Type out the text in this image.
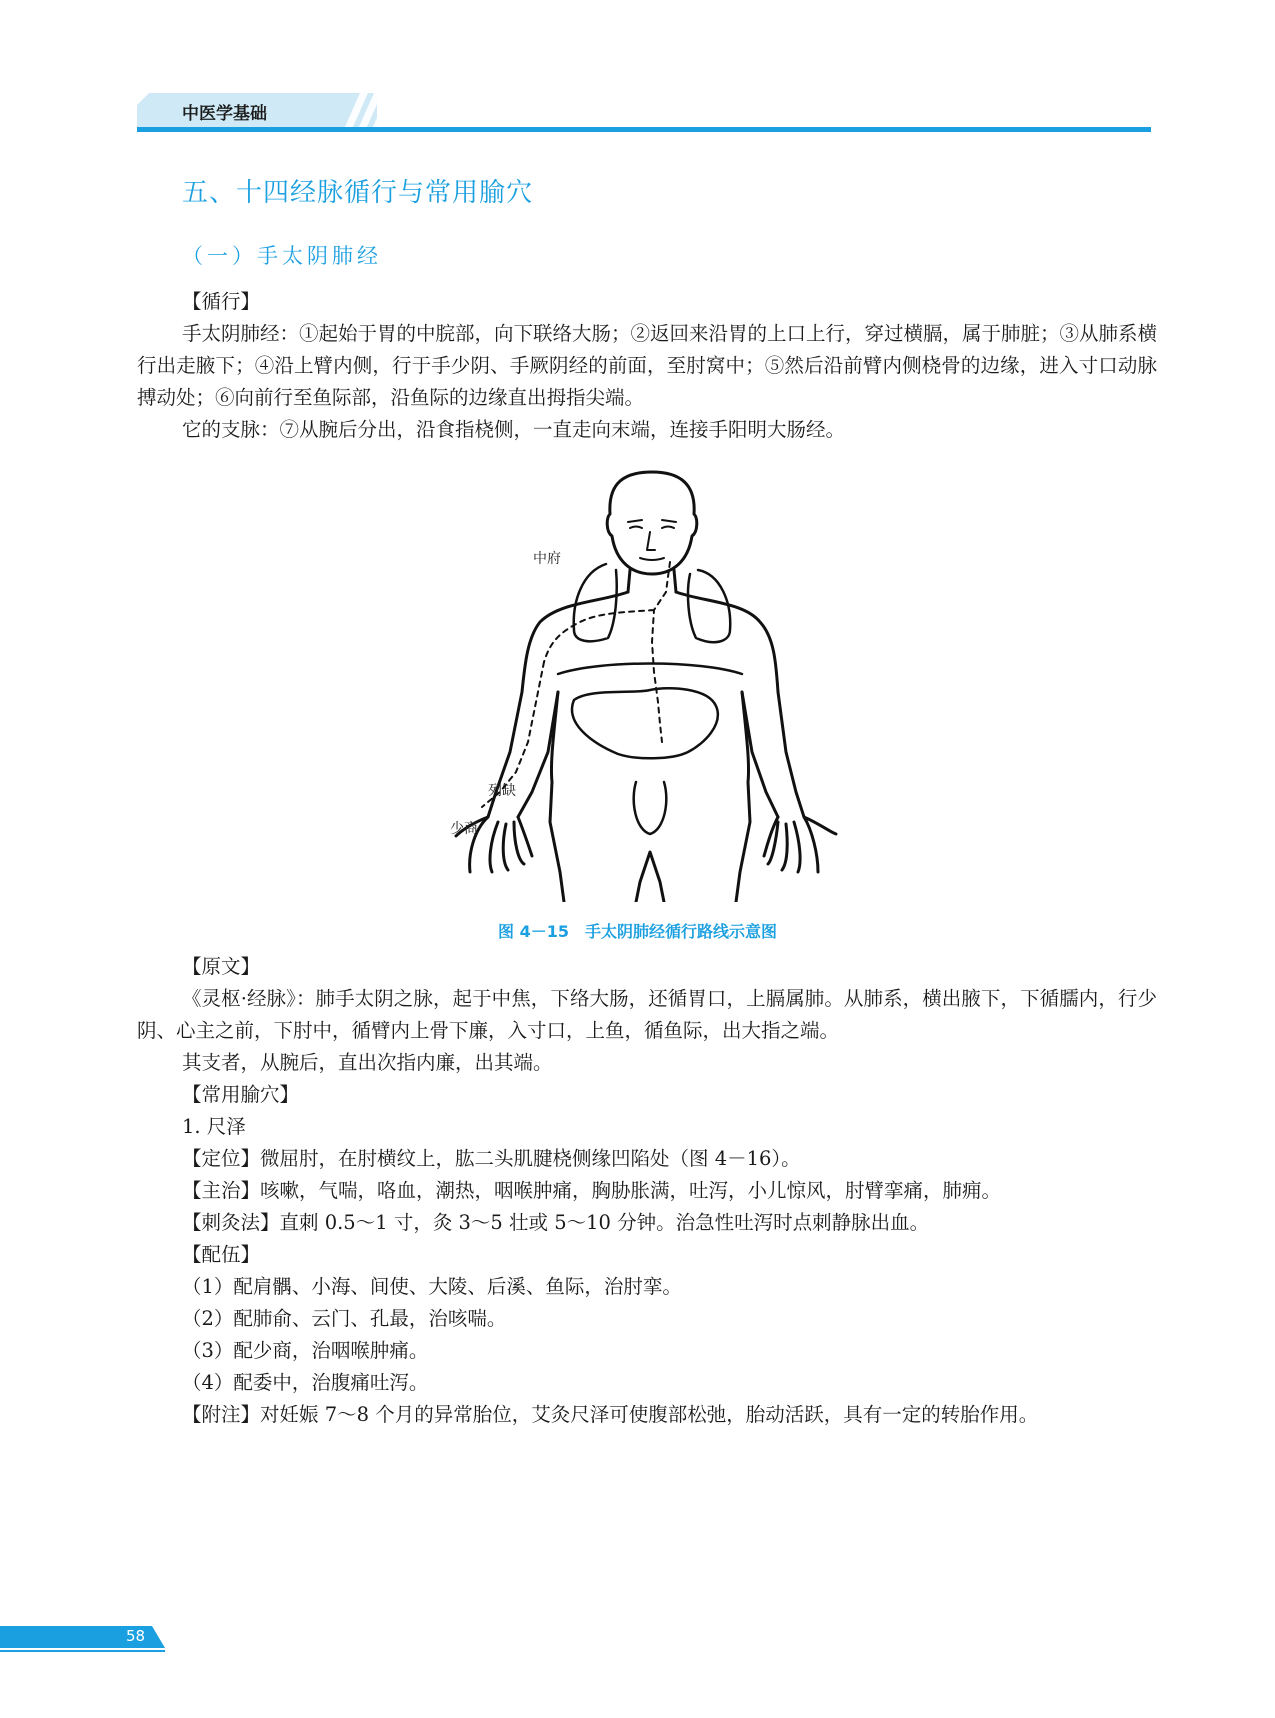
中医学基础
五、十四经脉循行与常用腧穴
（一）手太阴肺经
【循行】

手太阴肺经：①起始于胃的中脘部，向下联络大肠；②返回来沿胃的上口上行，穿过横膈，属于肺脏；③从肺系横行出走腋下；④沿上臂内侧，行于手少阴、手厥阴经的前面，至肘窝中；⑤然后沿前臂内侧桡骨的边缘，进入寸口动脉搏动处；⑥向前行至鱼际部，沿鱼际的边缘直出拇指尖端。

它的支脉：⑦从腕后分出，沿食指桡侧，一直走向末端，连接手阳明大肠经。
中府
列缺
少商
图 4－15　手太阴肺经循行路线示意图
【原文】

《灵枢·经脉》：肺手太阴之脉，起于中焦，下络大肠，还循胃口，上膈属肺。从肺系，横出腋下，下循臑内，行少阴、心主之前，下肘中，循臂内上骨下廉，入寸口，上鱼，循鱼际，出大指之端。

其支者，从腕后，直出次指内廉，出其端。
【常用腧穴】
1. 尺泽
【定位】微屈肘，在肘横纹上，肱二头肌腱桡侧缘凹陷处（图 4－16）。
【主治】咳嗽，气喘，咯血，潮热，咽喉肿痛，胸胁胀满，吐泻，小儿惊风，肘臂挛痛，肺痈。
【刺灸法】直刺 0.5～1 寸，灸 3～5 壮或 5～10 分钟。治急性吐泻时点刺静脉出血。
【配伍】
（1）配肩髃、小海、间使、大陵、后溪、鱼际，治肘挛。
（2）配肺俞、云门、孔最，治咳喘。
（3）配少商，治咽喉肿痛。
（4）配委中，治腹痛吐泻。
【附注】对妊娠 7～8 个月的异常胎位，艾灸尺泽可使腹部松弛，胎动活跃，具有一定的转胎作用。
58
